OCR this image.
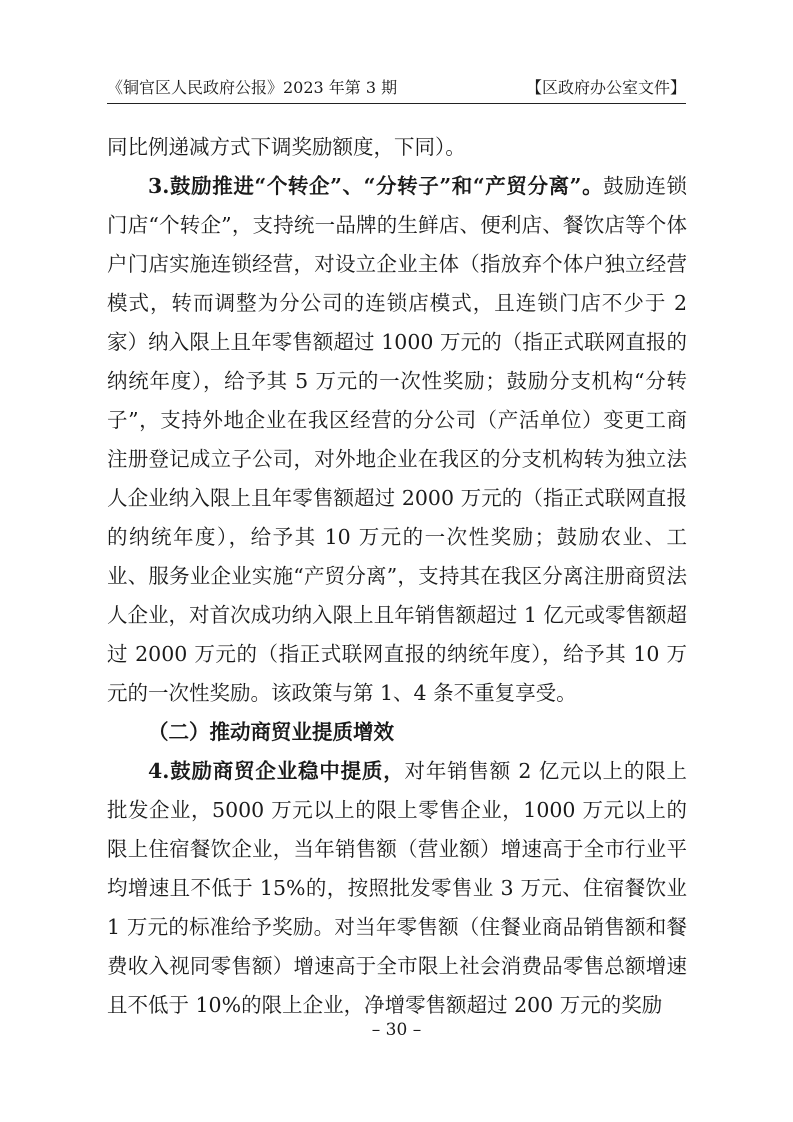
《铜官区人民政府公报》2023 年第 3 期	【区政府办公室文件】

同比例递减方式下调奖励额度，下同）。

3.鼓励推进“个转企”、“分转子”和“产贸分离”。鼓励连锁门店“个转企”，支持统一品牌的生鲜店、便利店、餐饮店等个体户门店实施连锁经营，对设立企业主体（指放弃个体户独立经营模式，转而调整为分公司的连锁店模式，且连锁门店不少于 2 家）纳入限上且年零售额超过 1000 万元的（指正式联网直报的纳统年度），给予其 5 万元的一次性奖励；鼓励分支机构“分转子”，支持外地企业在我区经营的分公司（产活单位）变更工商注册登记成立子公司，对外地企业在我区的分支机构转为独立法人企业纳入限上且年零售额超过 2000 万元的（指正式联网直报的纳统年度），给予其 10 万元的一次性奖励；鼓励农业、工业、服务业企业实施“产贸分离”，支持其在我区分离注册商贸法人企业，对首次成功纳入限上且年销售额超过 1 亿元或零售额超过 2000 万元的（指正式联网直报的纳统年度），给予其 10 万元的一次性奖励。该政策与第 1、4 条不重复享受。

（二）推动商贸业提质增效

4.鼓励商贸企业稳中提质，对年销售额 2 亿元以上的限上批发企业，5000 万元以上的限上零售企业，1000 万元以上的限上住宿餐饮企业，当年销售额（营业额）增速高于全市行业平均增速且不低于 15%的，按照批发零售业 3 万元、住宿餐饮业 1 万元的标准给予奖励。对当年零售额（住餐业商品销售额和餐费收入视同零售额）增速高于全市限上社会消费品零售总额增速且不低于 10%的限上企业，净增零售额超过 200 万元的奖励

– 30 –
